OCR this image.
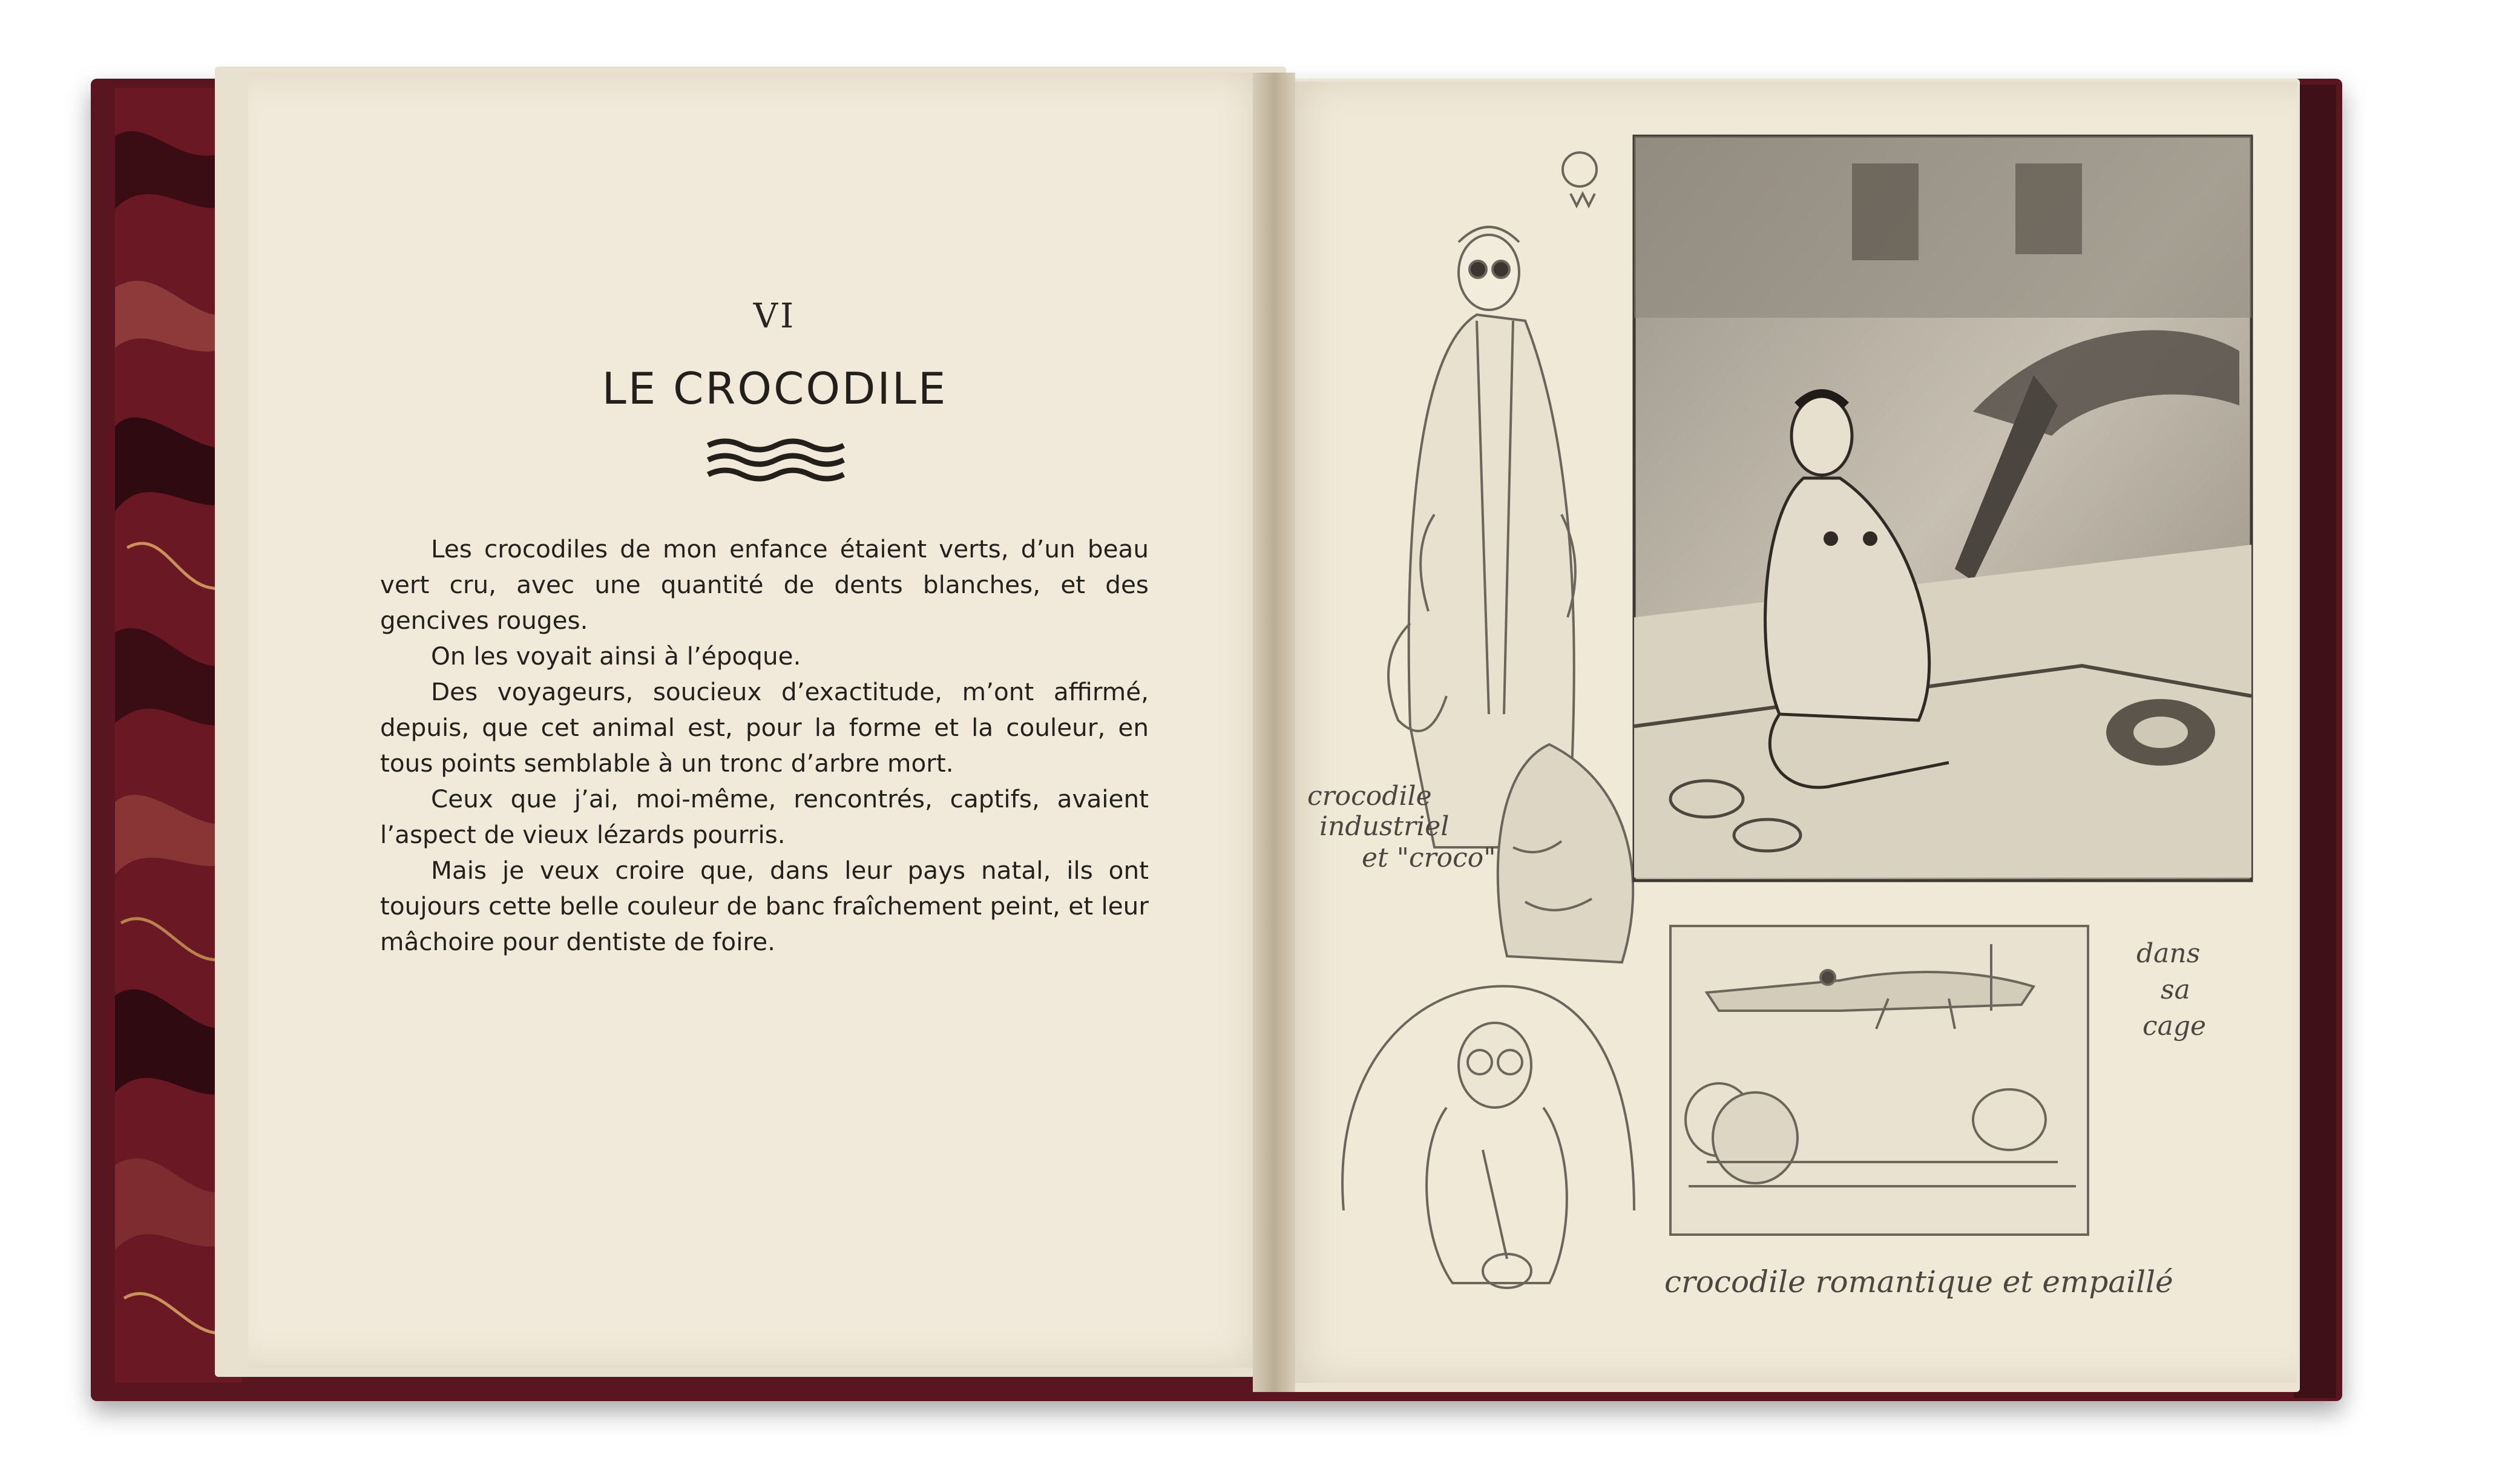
VI
LE CROCODILE

Les crocodiles de mon enfance étaient verts, d’un beau vert cru, avec une quantité de dents blanches, et des gencives rouges.

On les voyait ainsi à l’époque.

Des voyageurs, soucieux d’exactitude, m’ont affirmé, depuis, que cet animal est, pour la forme et la couleur, en tous points semblable à un tronc d’arbre mort.

Ceux que j’ai, moi-même, rencontrés, captifs, avaient l’aspect de vieux lézards pourris.

Mais je veux croire que, dans leur pays natal, ils ont toujours cette belle couleur de banc fraîchement peint, et leur mâchoire pour dentiste de foire.

crocodile
industriel
et "croco"
dans
sa
cage
crocodile romantique et empaillé
